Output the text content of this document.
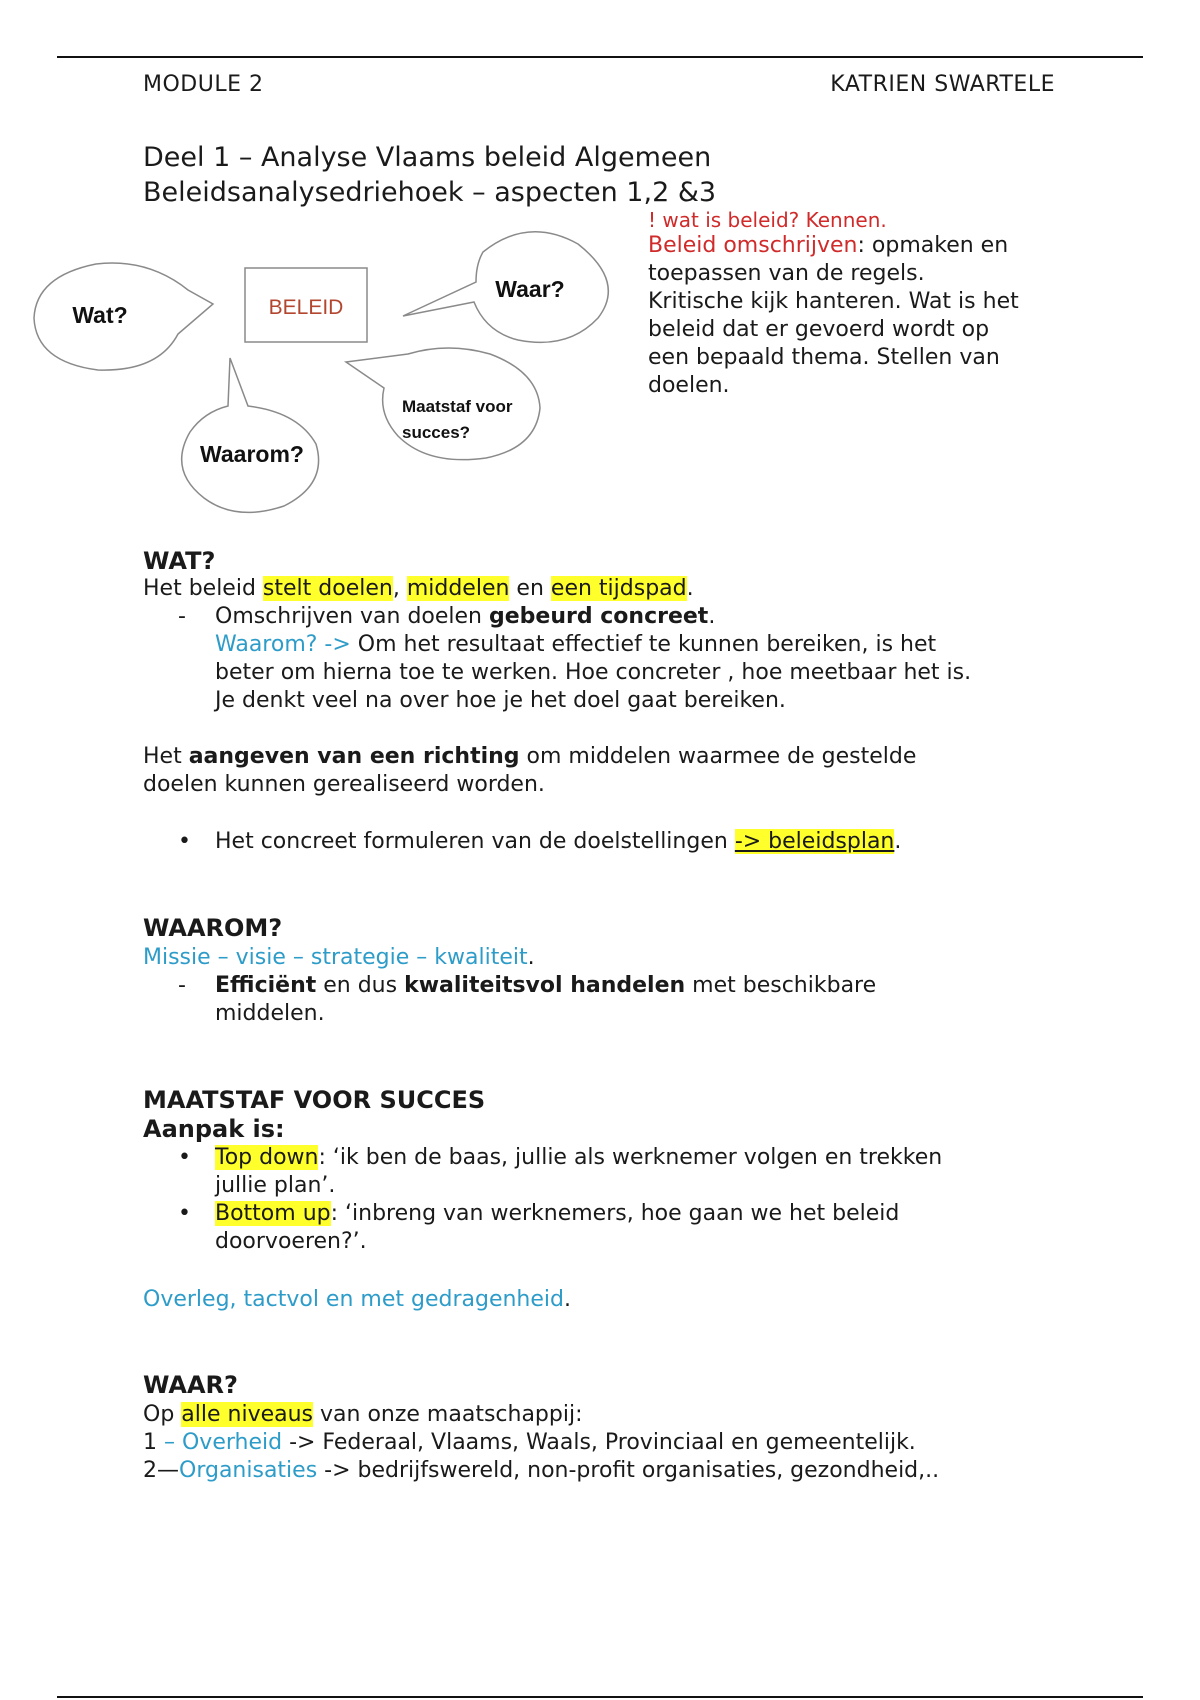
MODULE 2	KATRIEN SWARTELE
Deel 1 – Analyse Vlaams beleid Algemeen
Beleidsanalysedriehoek – aspecten 1,2 &3
BELEID
Wat?
Waar?
Maatstaf voor
succes?
Waarom?
! wat is beleid? Kennen.
Beleid omschrijven: opmaken en
toepassen van de regels.
Kritische kijk hanteren. Wat is het
beleid dat er gevoerd wordt op
een bepaald thema. Stellen van
doelen.
WAT?
Het beleid stelt doelen, middelen en een tijdspad.
- Omschrijven van doelen gebeurd concreet.
Waarom? -> Om het resultaat effectief te kunnen bereiken, is het
beter om hierna toe te werken. Hoe concreter , hoe meetbaar het is.
Je denkt veel na over hoe je het doel gaat bereiken.
Het aangeven van een richting om middelen waarmee de gestelde
doelen kunnen gerealiseerd worden.
• Het concreet formuleren van de doelstellingen -> beleidsplan.
WAAROM?
Missie – visie – strategie – kwaliteit.
- Efficiënt en dus kwaliteitsvol handelen met beschikbare
middelen.
MAATSTAF VOOR SUCCES
Aanpak is:
• Top down: ‘ik ben de baas, jullie als werknemer volgen en trekken
jullie plan’.
• Bottom up: ‘inbreng van werknemers, hoe gaan we het beleid
doorvoeren?’.
Overleg, tactvol en met gedragenheid.
WAAR?
Op alle niveaus van onze maatschappij:
1 – Overheid -> Federaal, Vlaams, Waals, Provinciaal en gemeentelijk.
2—Organisaties -> bedrijfswereld, non-profit organisaties, gezondheid,..
